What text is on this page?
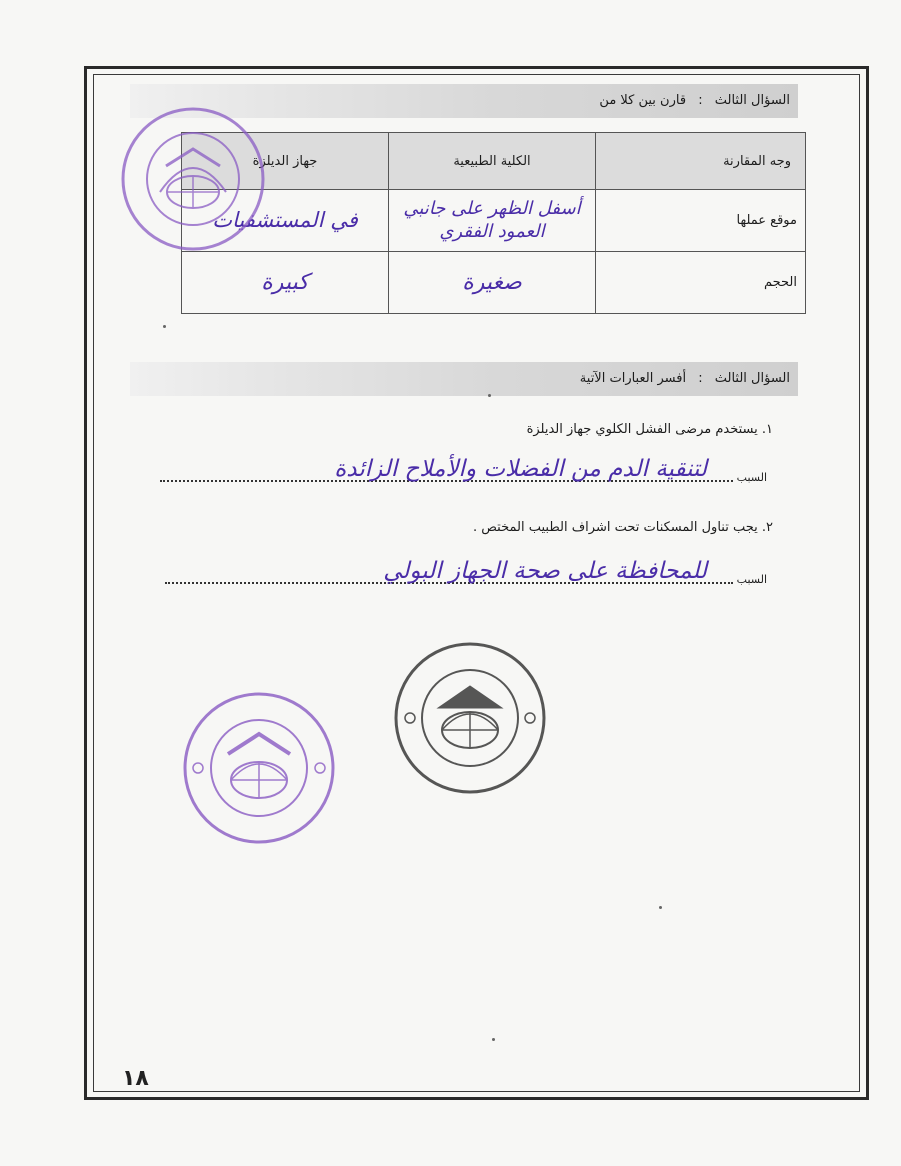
السؤال الثالث : قارن بين كلا من
وجه المقارنة	الكلية الطبيعية	جهاز الديلزة
موقع عملها	أسفل الظهر على جانبي العمود الفقري	في المستشفيات
الحجم	صغيرة	كبيرة
السؤال الثالث : أفسر العبارات الآتية
١. يستخدم مرضى الفشل الكلوي جهاز الديلزة
السبب
لتنقية الدم من الفضلات والأملاح الزائدة
٢. يجب تناول المسكنات تحت اشراف الطبيب المختص .
السبب
للمحافظة على صحة الجهاز البولي
١٨
